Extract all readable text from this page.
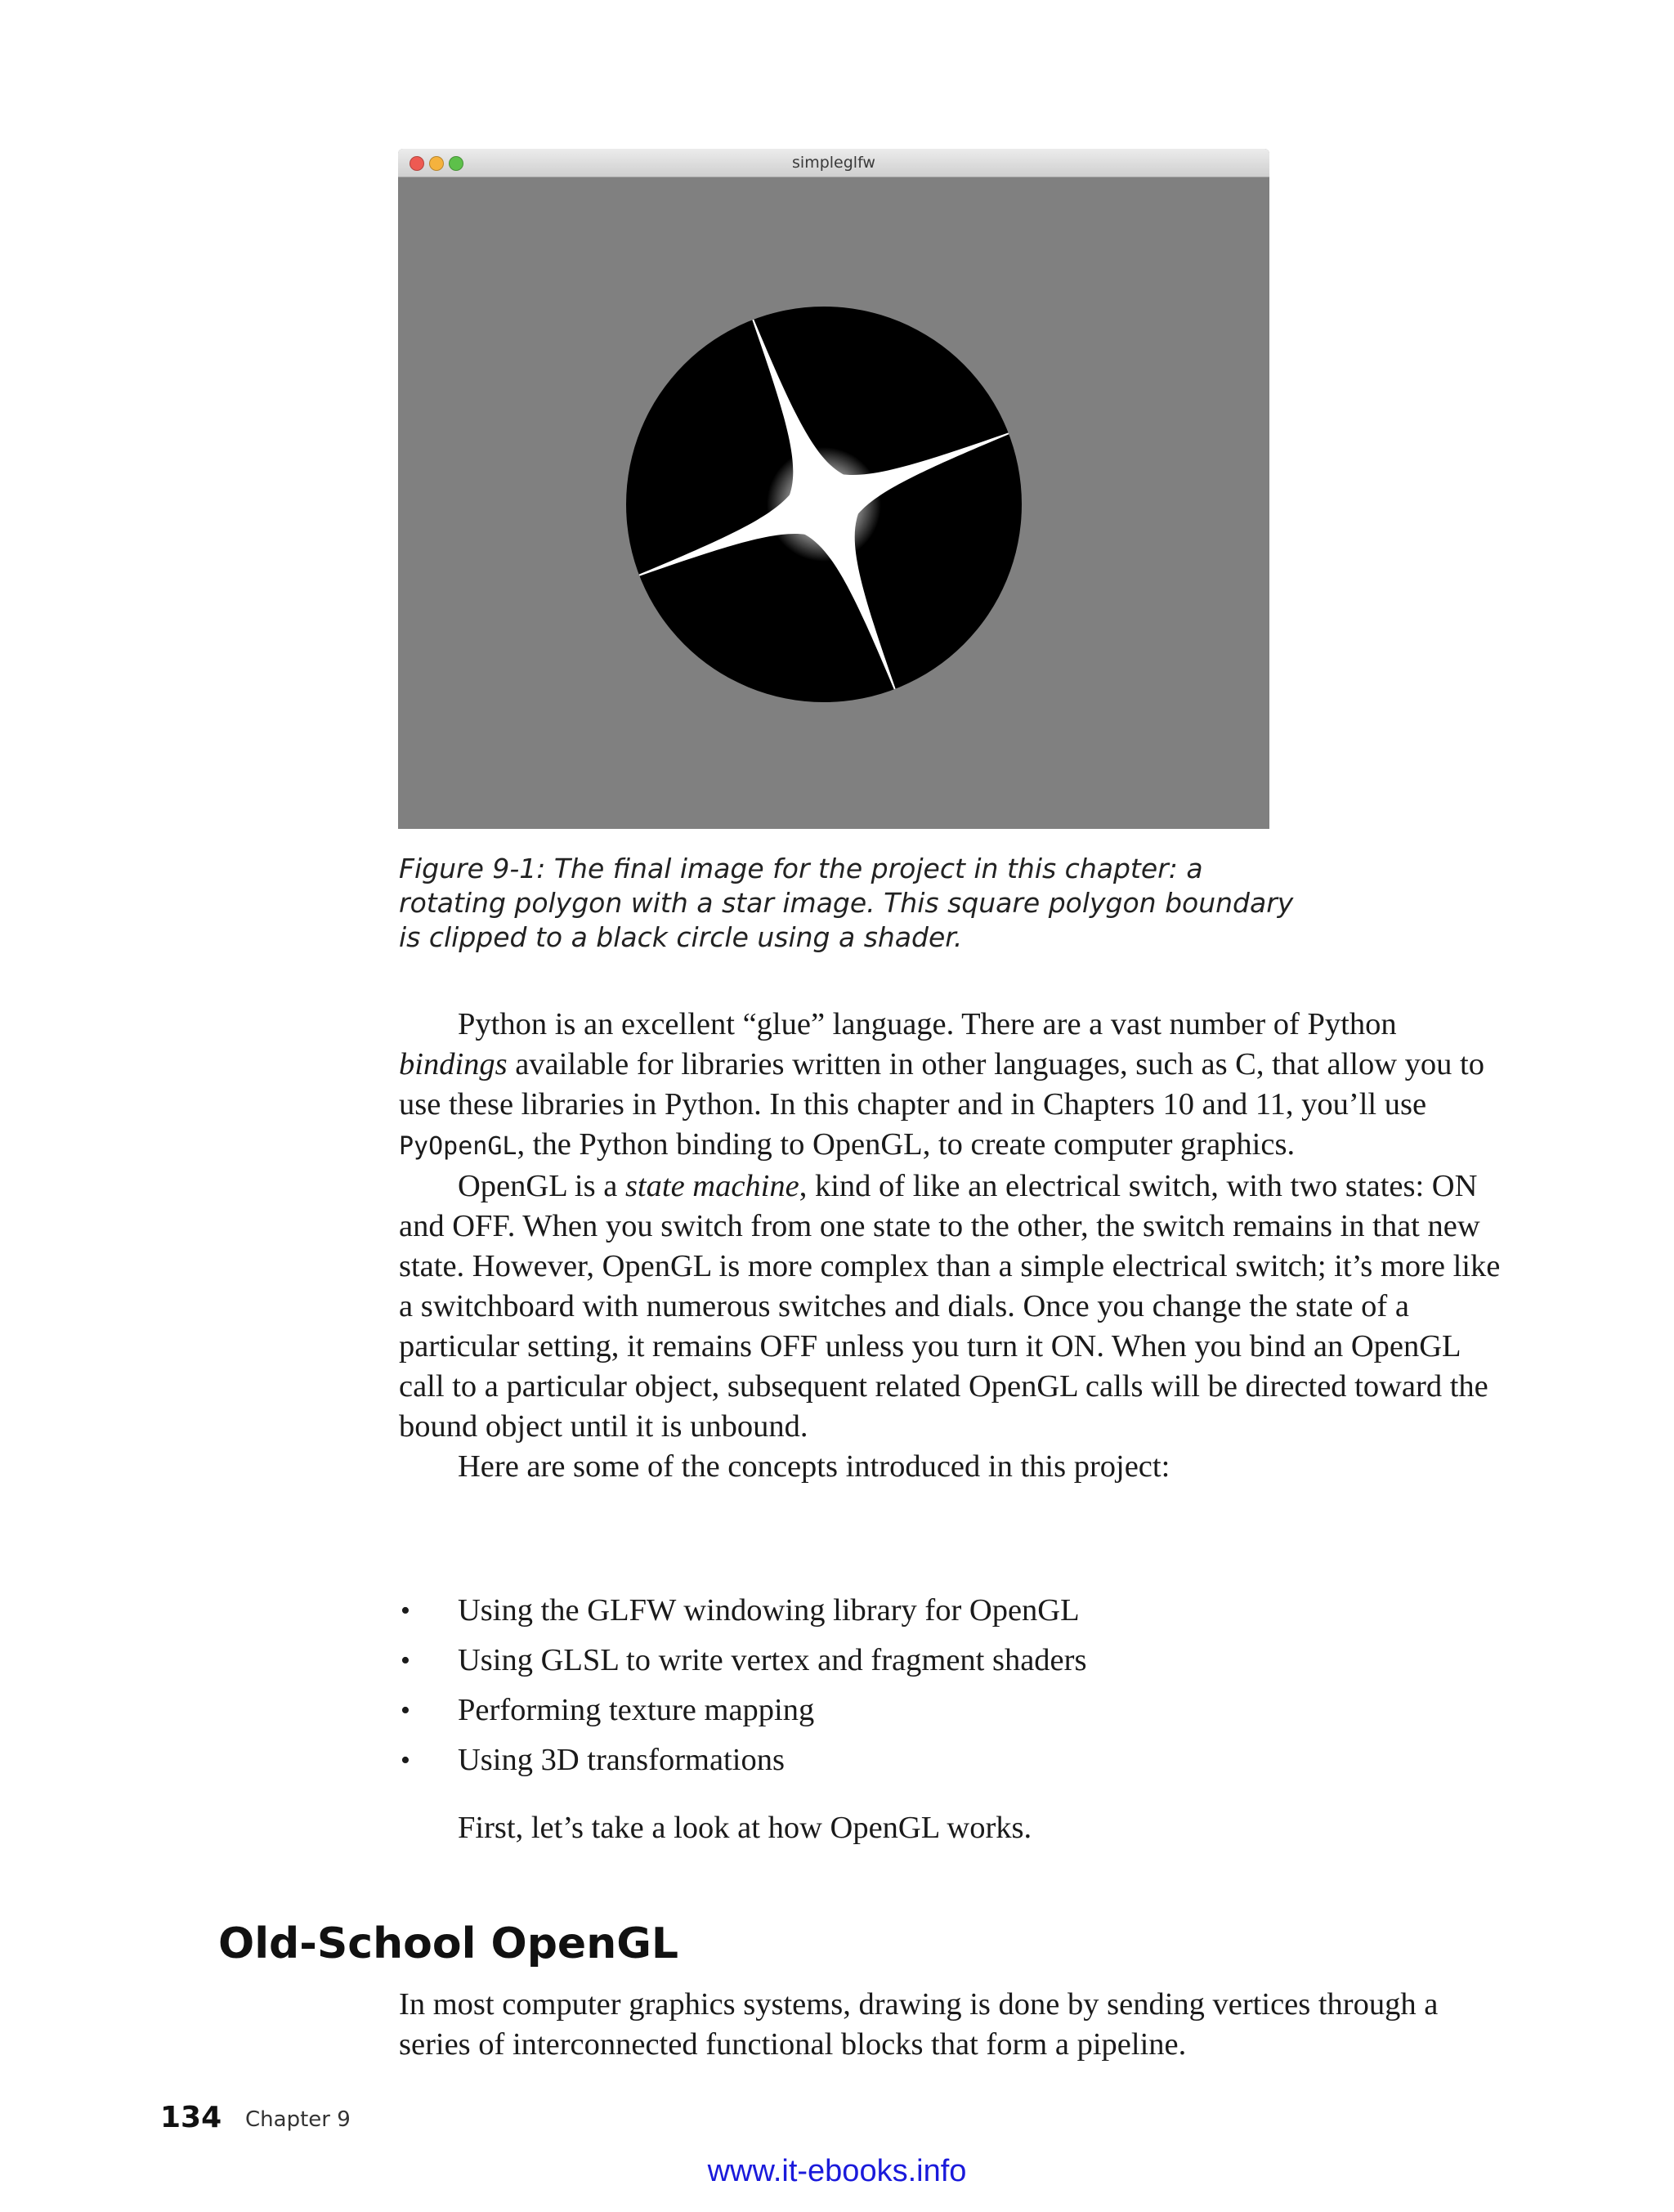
simpleglfw
Figure 9-1: The final image for the project in this chapter: a rotating polygon with a star image. This square polygon boundary is clipped to a black circle using a shader.

Python is an excellent “glue” language. There are a vast number of Python bindings available for libraries written in other languages, such as C, that allow you to use these libraries in Python. In this chapter and in Chapters 10 and 11, you’ll use PyOpenGL, the Python binding to OpenGL, to create computer graphics.

OpenGL is a state machine, kind of like an electrical switch, with two states: ON and OFF. When you switch from one state to the other, the switch remains in that new state. However, OpenGL is more complex than a simple electrical switch; it’s more like a switchboard with numerous switches and dials. Once you change the state of a particular setting, it remains OFF unless you turn it ON. When you bind an OpenGL call to a particular object, subsequent related OpenGL calls will be directed toward the bound object until it is unbound.

Here are some of the concepts introduced in this project:

• Using the GLFW windowing library for OpenGL
• Using GLSL to write vertex and fragment shaders
• Performing texture mapping
• Using 3D transformations

First, let’s take a look at how OpenGL works.

Old-School OpenGL

In most computer graphics systems, drawing is done by sending vertices through a series of interconnected functional blocks that form a pipeline.

134 Chapter 9
www.it-ebooks.info
